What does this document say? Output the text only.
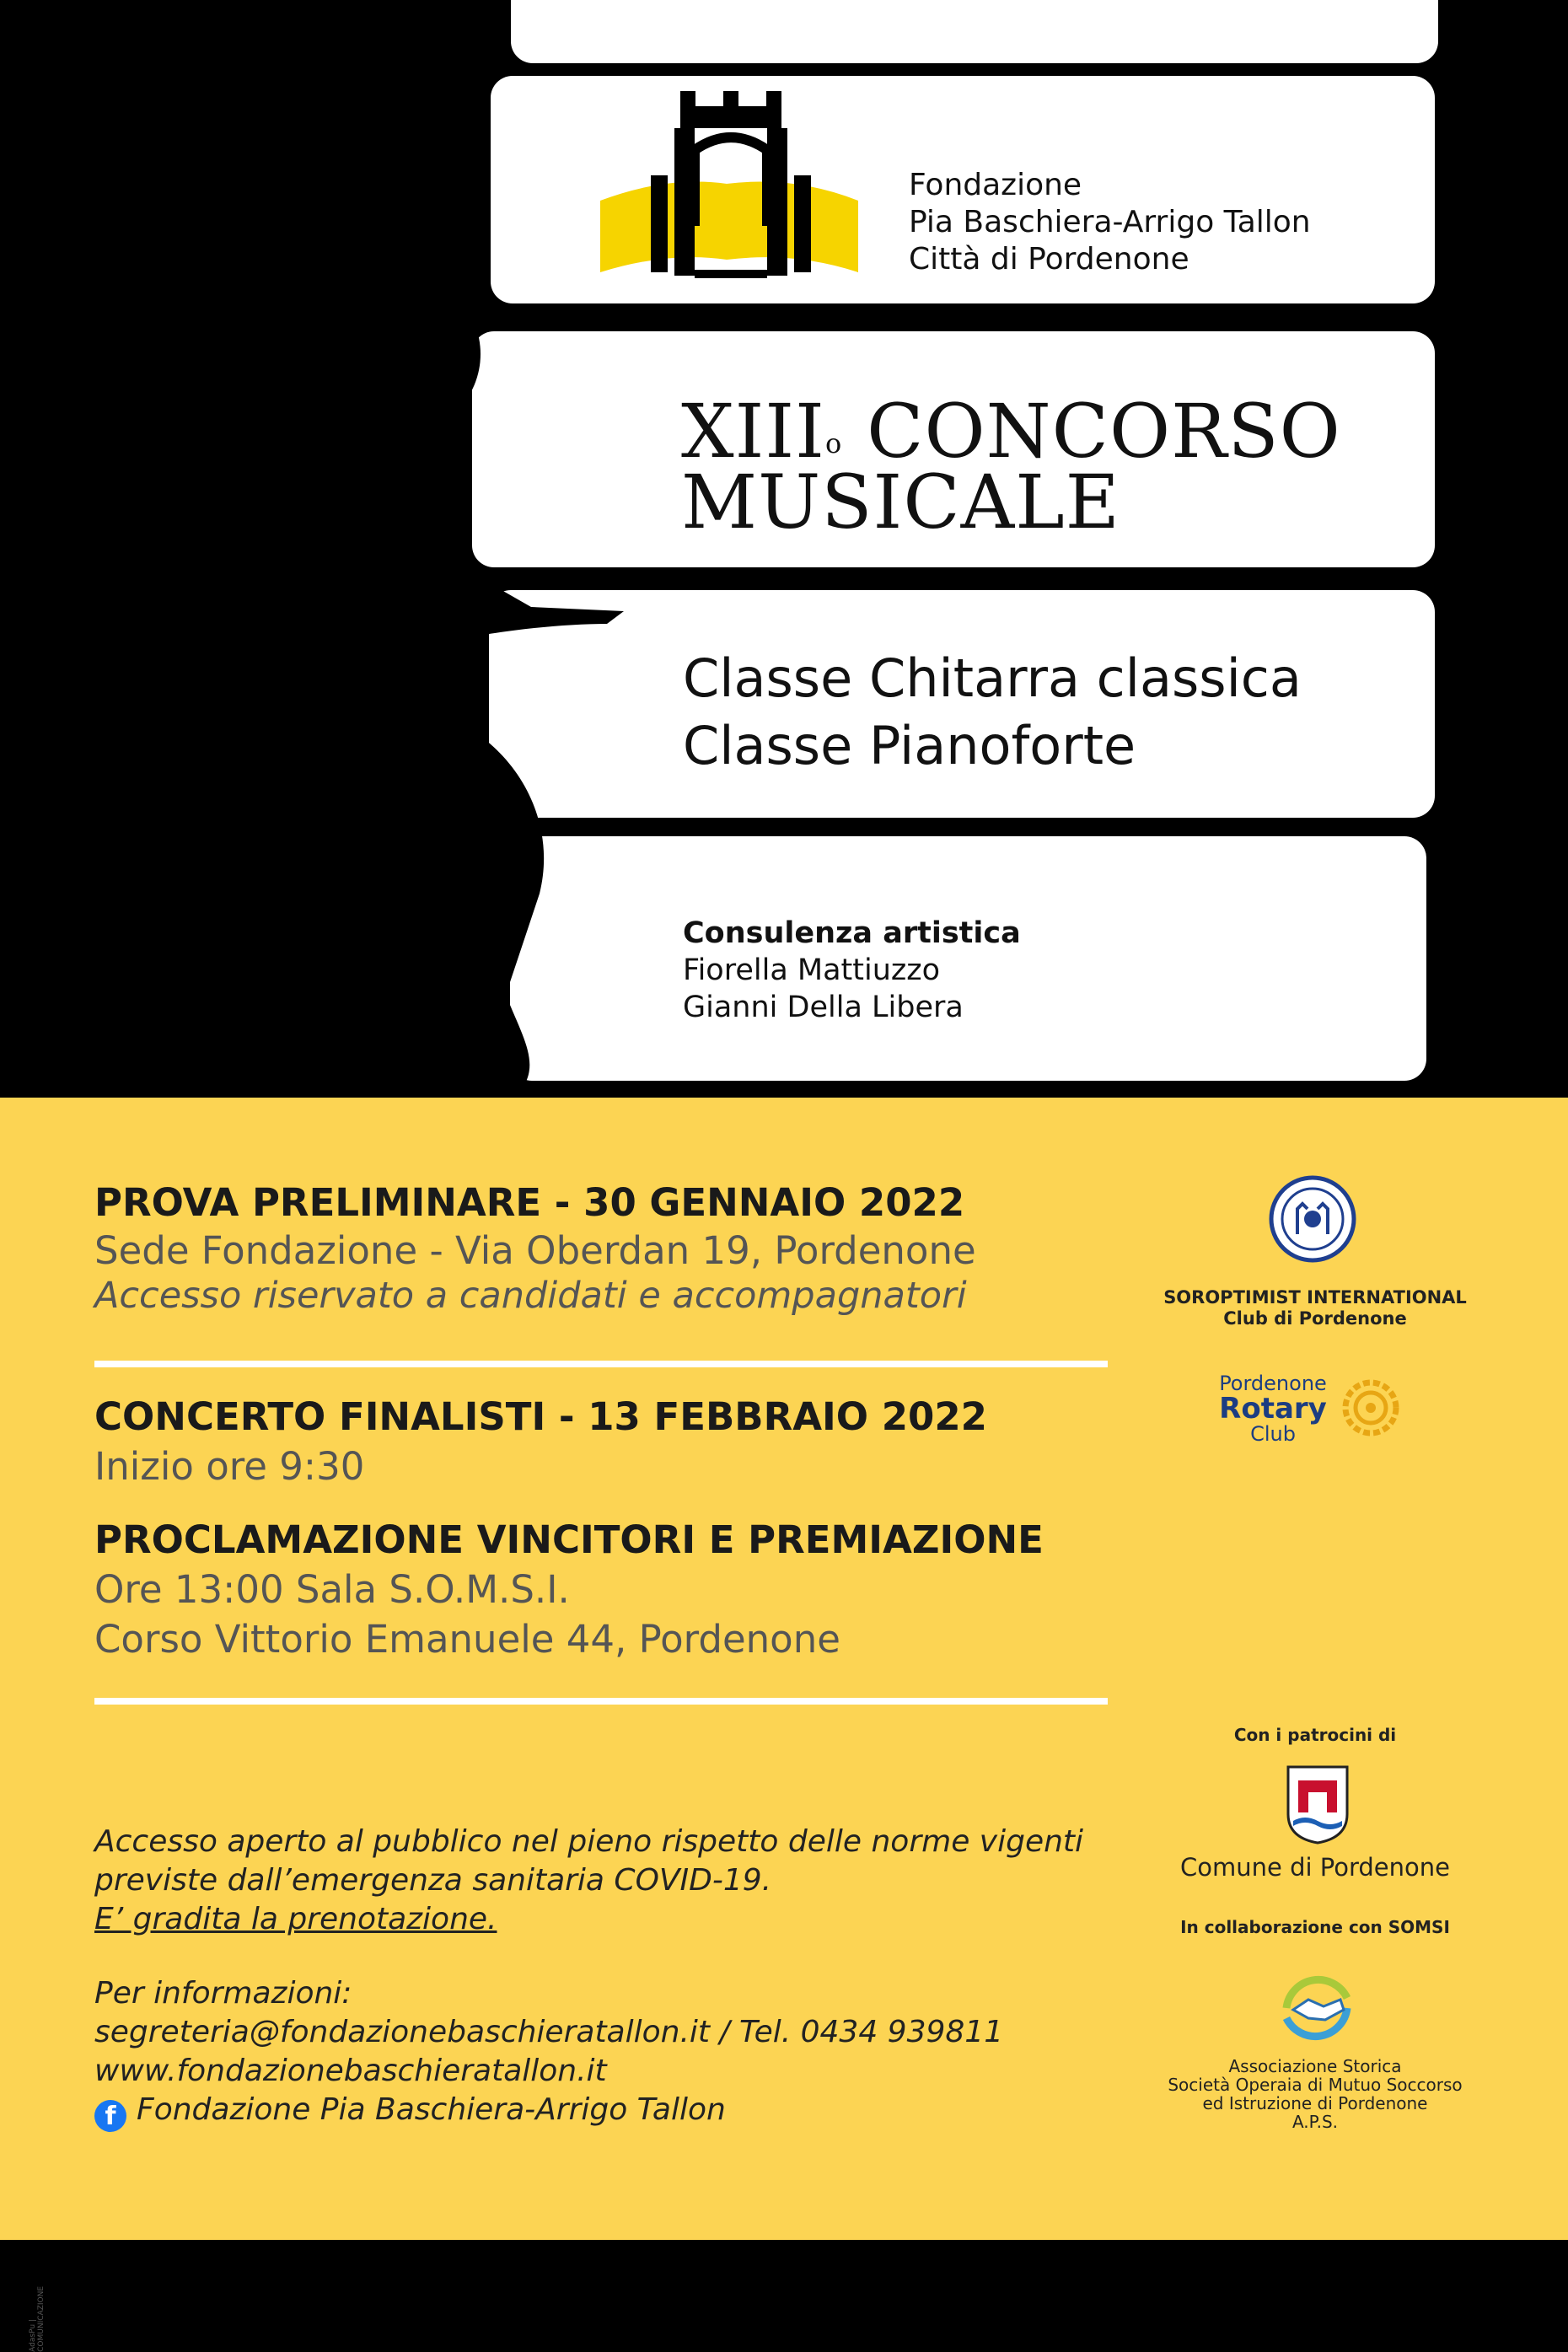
Fondazione
Pia Baschiera-Arrigo Tallon
Città di Pordenone
XIII$^o$ CONCORSO
MUSICALE
Classe Chitarra classica
Classe Pianoforte
Consulenza artistica
Fiorella Mattiuzzo
Gianni Della Libera
AdasPu | COMUNICAZIONE
PROVA PRELIMINARE - 30 GENNAIO 2022
Sede Fondazione - Via Oberdan 19, Pordenone
Accesso riservato a candidati e accompagnatori
CONCERTO FINALISTI - 13 FEBBRAIO 2022
Inizio ore 9:30
PROCLAMAZIONE VINCITORI E PREMIAZIONE
Ore 13:00 Sala S.O.M.S.I.
Corso Vittorio Emanuele 44, Pordenone
Accesso aperto al pubblico nel pieno rispetto delle norme vigenti
previste dall’emergenza sanitaria COVID-19.
E’ gradita la prenotazione.
Per informazioni:
segreteria@fondazionebaschieratallon.it / Tel. 0434 939811
www.fondazionebaschieratallon.it
f Fondazione Pia Baschiera-Arrigo Tallon
SOROPTIMIST INTERNATIONAL
Club di Pordenone
Pordenone
Rotary
Club
Con i patrocini di
Comune di Pordenone
In collaborazione con SOMSI
Associazione Storica
Società Operaia di Mutuo Soccorso
ed Istruzione di Pordenone
A.P.S.
